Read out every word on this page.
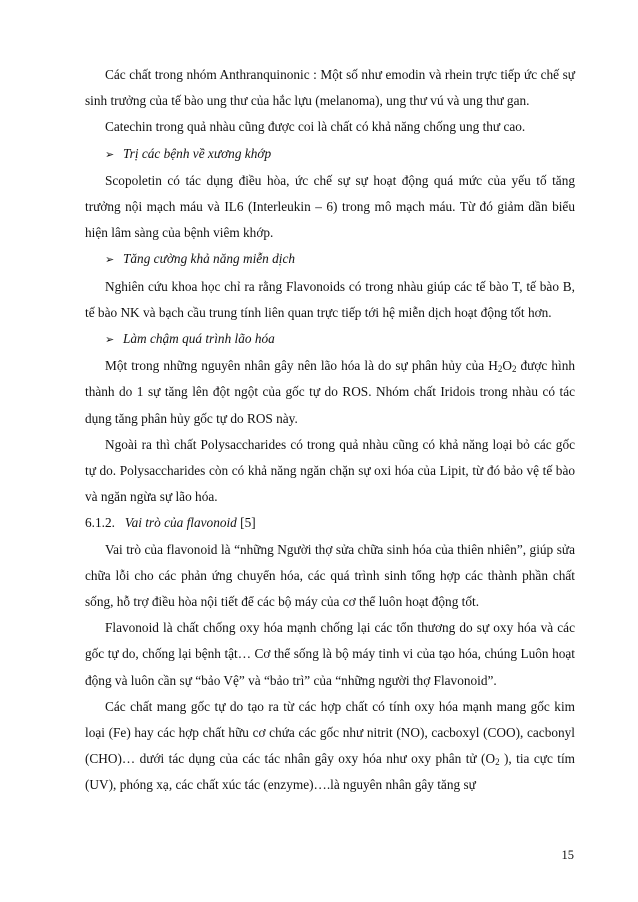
Các chất trong nhóm Anthranquinonic : Một số như emodin và rhein trực tiếp ức chế sự sinh trưởng của tế bào ung thư của hắc lựu (melanoma), ung thư vú và ung thư gan.

Catechin trong quả nhàu cũng được coi là chất có khả năng chống ung thư cao.

➢ Trị các bệnh về xương khớp

Scopoletin có tác dụng điều hòa, ức chế sự sự hoạt động quá mức của yếu tố tăng trưởng nội mạch máu và IL6 (Interleukin – 6) trong mô mạch máu. Từ đó giảm dần biểu hiện lâm sàng của bệnh viêm khớp.

➢ Tăng cường khả năng miễn dịch

Nghiên cứu khoa học chỉ ra rằng Flavonoids có trong nhàu giúp các tế bào T, tế bào B, tế bào NK và bạch cầu trung tính liên quan trực tiếp tới hệ miễn dịch hoạt động tốt hơn.

➢ Làm chậm quá trình lão hóa

Một trong những nguyên nhân gây nên lão hóa là do sự phân hủy của $H_2O_2$ được hình thành do 1 sự tăng lên đột ngột của gốc tự do ROS. Nhóm chất Iridois trong nhàu có tác dụng tăng phân hủy gốc tự do ROS này.

Ngoài ra thì chất Polysaccharides có trong quả nhàu cũng có khả năng loại bỏ các gốc tự do. Polysaccharides còn có khả năng ngăn chặn sự oxi hóa của Lipit, từ đó bảo vệ tế bào và ngăn ngừa sự lão hóa.

6.1.2. Vai trò của flavonoid [5]

Vai trò của flavonoid là “những Người thợ sửa chữa sinh hóa của thiên nhiên”, giúp sửa chữa lỗi cho các phản ứng chuyển hóa, các quá trình sinh tổng hợp các thành phần chất sống, hỗ trợ điều hòa nội tiết để các bộ máy của cơ thể luôn hoạt động tốt.

Flavonoid là chất chống oxy hóa mạnh chống lại các tổn thương do sự oxy hóa và các gốc tự do, chống lại bệnh tật… Cơ thể sống là bộ máy tinh vi của tạo hóa, chúng Luôn hoạt động và luôn cần sự “bảo Vệ” và “bảo trì” của “những người thợ Flavonoid”.

Các chất mang gốc tự do tạo ra từ các hợp chất có tính oxy hóa mạnh mang gốc kim loại (Fe) hay các hợp chất hữu cơ chứa các gốc như nitrit (NO), cacboxyl (COO), cacbonyl (CHO)… dưới tác dụng của các tác nhân gây oxy hóa như oxy phân tử ($O_2$ ), tia cực tím (UV), phóng xạ, các chất xúc tác (enzyme)….là nguyên nhân gây tăng sự

15
